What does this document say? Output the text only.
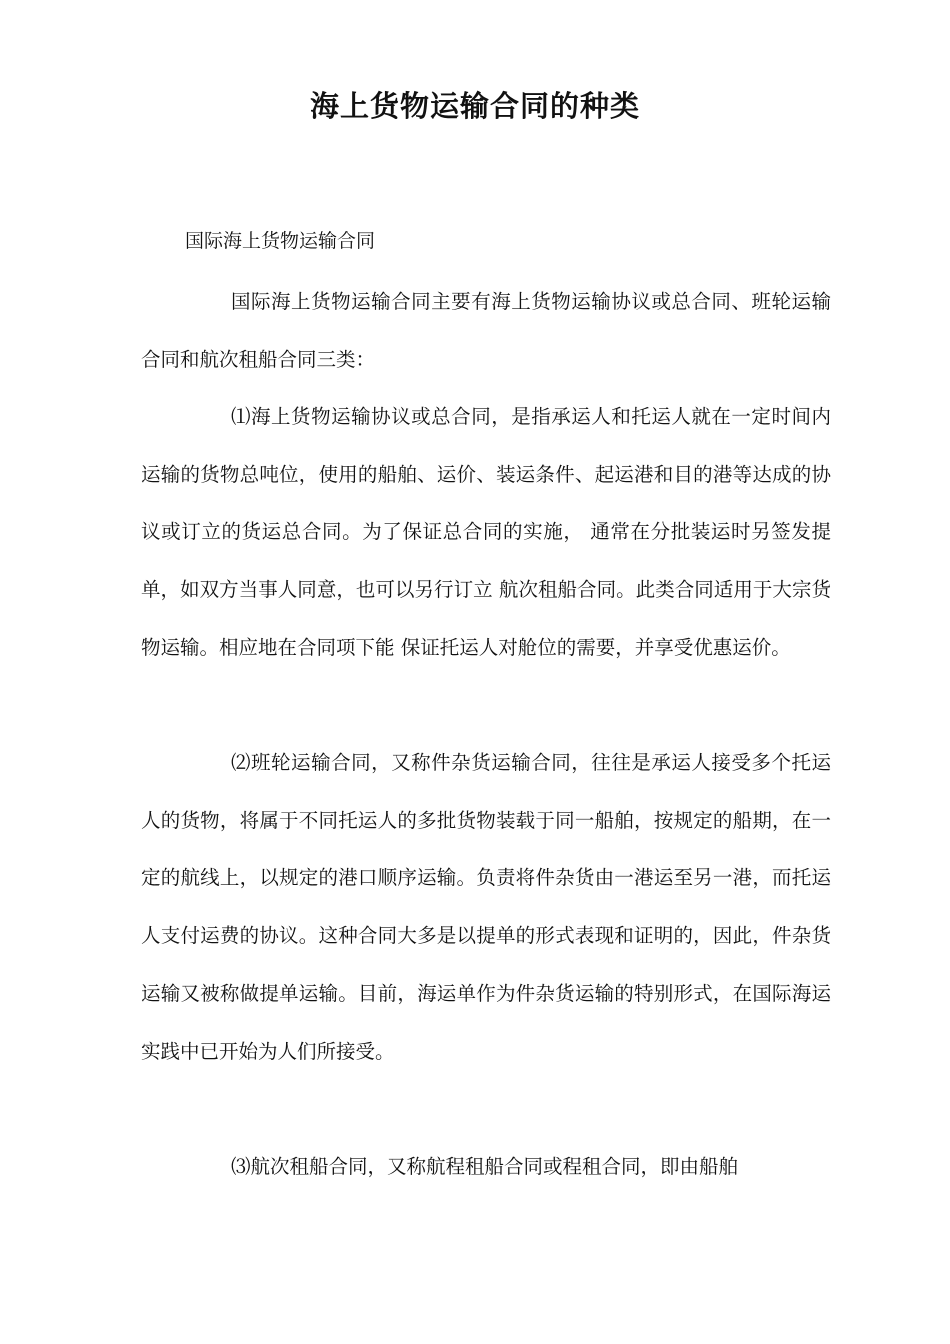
海上货物运输合同的种类
国际海上货物运输合同

国际海上货物运输合同主要有海上货物运输协议或总合同、班轮运输合同和航次租船合同三类：

⑴海上货物运输协议或总合同，是指承运人和托运人就在一定时间内运输的货物总吨位，使用的船舶、运价、装运条件、起运港和目的港等达成的协议或订立的货运总合同。为了保证总合同的实施， 通常在分批装运时另签发提单，如双方当事人同意，也可以另行订立 航次租船合同。此类合同适用于大宗货物运输。相应地在合同项下能 保证托运人对舱位的需要，并享受优惠运价。

⑵班轮运输合同，又称件杂货运输合同，往往是承运人接受多个托运人的货物，将属于不同托运人的多批货物装载于同一船舶，按规定的船期，在一定的航线上，以规定的港口顺序运输。负责将件杂货由一港运至另一港，而托运人支付运费的协议。这种合同大多是以提单的形式表现和证明的，因此，件杂货运输又被称做提单运输。目前，海运单作为件杂货运输的特别形式，在国际海运实践中已开始为人们所接受。

⑶航次租船合同，又称航程租船合同或程租合同，即由船舶
